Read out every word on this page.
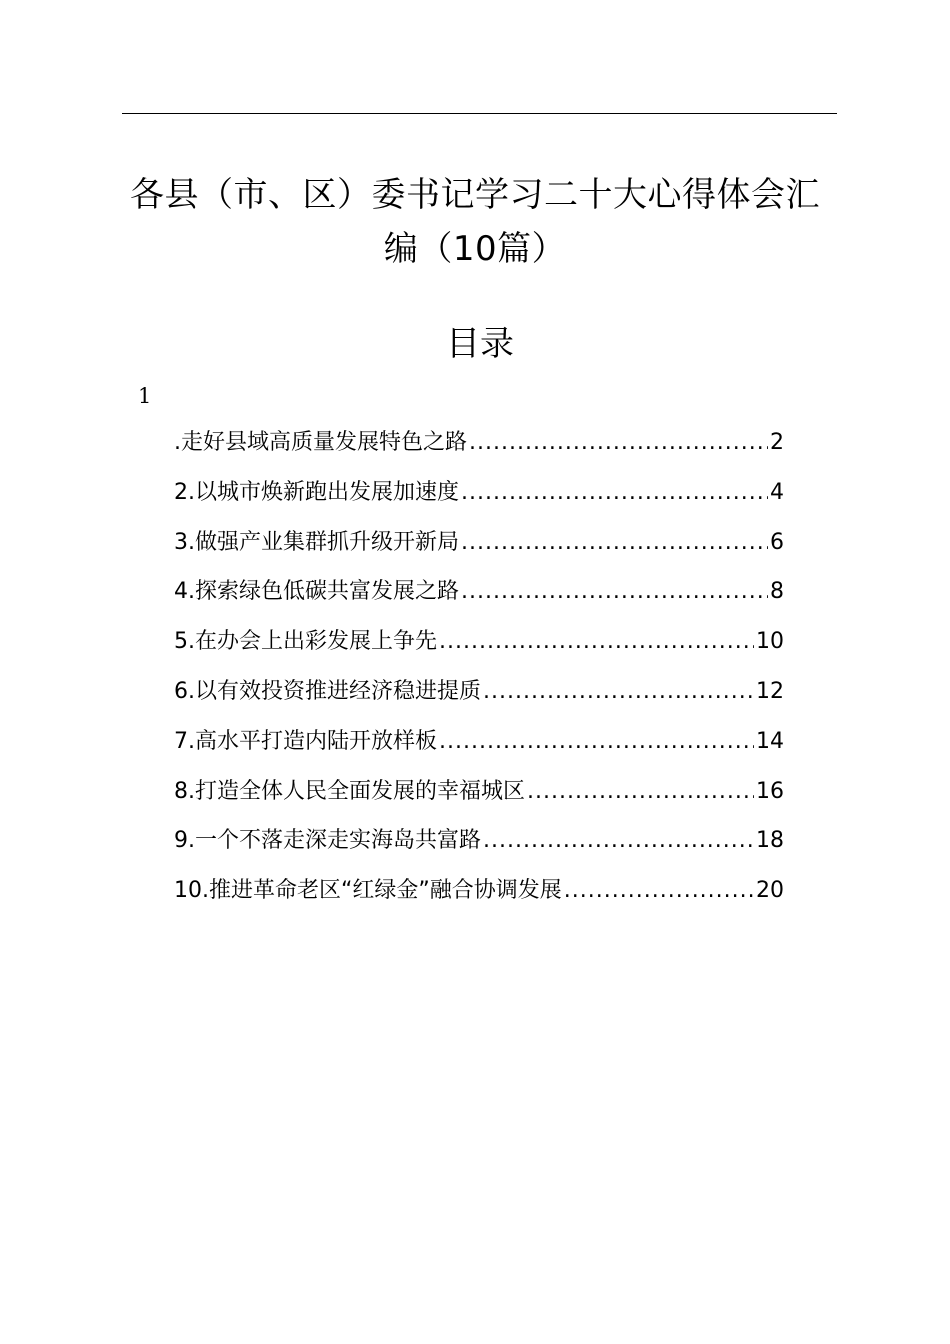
各县（市、区）委书记学习二十大心得体会汇
编（10篇）
目录
1
.走好县域高质量发展特色之路 .....	2
2.以城市焕新跑出发展加速度 .....	4
3.做强产业集群抓升级开新局 .....	6
4.探索绿色低碳共富发展之路 .....	8
5.在办会上出彩发展上争先 .....	10
6.以有效投资推进经济稳进提质 .....	12
7.高水平打造内陆开放样板 .....	14
8.打造全体人民全面发展的幸福城区 .....	16
9.一个不落走深走实海岛共富路 .....	18
10.推进革命老区“红绿金”融合协调发展 .....	20
